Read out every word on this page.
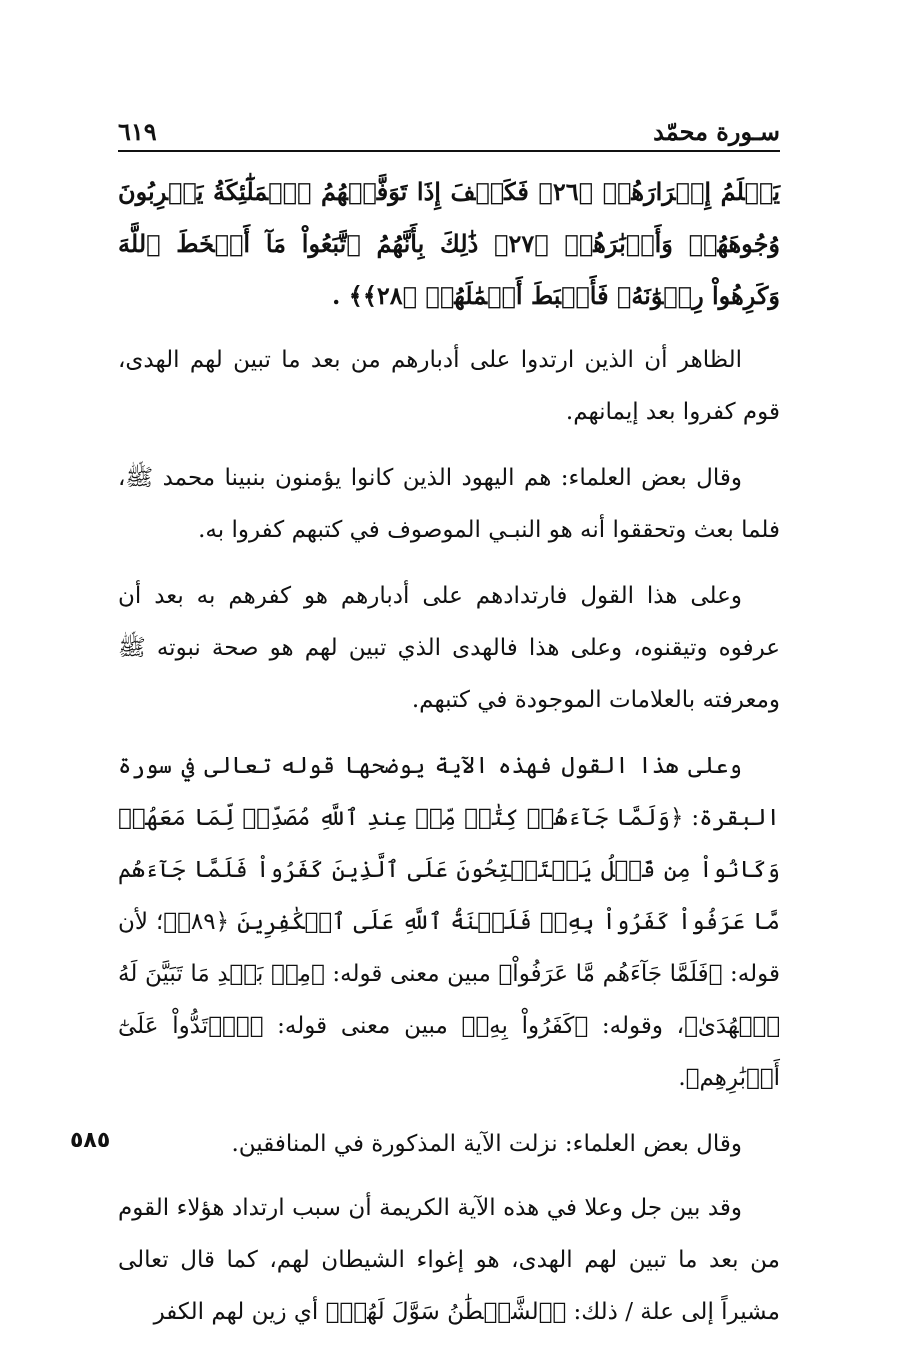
سـورة محمّد
٦١٩
يَعۡلَمُ إِسۡرَارَهُمۡ ﴿٢٦﴾ فَكَيۡفَ إِذَا تَوَفَّتۡهُمُ ٱلۡمَلَٰٓئِكَةُ يَضۡرِبُونَ وُجُوهَهُمۡ وَأَدۡبَٰرَهُمۡ ﴿٢٧﴾ ذَٰلِكَ بِأَنَّهُمُ ٱتَّبَعُواْ مَآ أَسۡخَطَ ٱللَّهَ وَكَرِهُواْ رِضۡوَٰنَهُۥ فَأَحۡبَطَ أَعۡمَٰلَهُمۡ ﴿٢٨﴾﴾ .

الظاهر أن الذين ارتدوا على أدبارهم من بعد ما تبين لهم الهدى، قوم كفروا بعد إيمانهم.

وقال بعض العلماء: هم اليهود الذين كانوا يؤمنون بنبينا محمد ﷺ، فلما بعث وتحققوا أنه هو النبـي الموصوف في كتبهم كفروا به.

وعلى هذا القول فارتدادهم على أدبارهم هو كفرهم به بعد أن عرفوه وتيقنوه، وعلى هذا فالهدى الذي تبين لهم هو صحة نبوته ﷺ ومعرفته بالعلامات الموجودة في كتبهم.

وعلى هذا القول فهذه الآية يوضحها قوله تعالى في سورة البقرة: ﴿وَلَمَّا جَآءَهُمۡ كِتَٰبٞ مِّنۡ عِندِ ٱللَّهِ مُصَدِّقٞ لِّمَا مَعَهُمۡ وَكَانُواْ مِن قَبۡلُ يَسۡتَفۡتِحُونَ عَلَى ٱلَّذِينَ كَفَرُواْ فَلَمَّا جَآءَهُم مَّا عَرَفُواْ كَفَرُواْ بِهِۦۚ فَلَعۡنَةُ ٱللَّهِ عَلَى ٱلۡكَٰفِرِينَ ﴿٨٩﴾﴾؛ لأن قوله: ﴿فَلَمَّا جَآءَهُم مَّا عَرَفُواْ﴾ مبين معنى قوله: ﴿مِنۢ بَعۡدِ مَا تَبَيَّنَ لَهُ ٱلۡهُدَىٰ﴾، وقوله: ﴿كَفَرُواْ بِهِۦ﴾ مبين معنى قوله: ﴿ٱرۡتَدُّواْ عَلَىٰٓ أَدۡبَٰرِهِم﴾.

وقال بعض العلماء: نزلت الآية المذكورة في المنافقين.

وقد بين جل وعلا في هذه الآية الكريمة أن سبب ارتداد هؤلاء القوم من بعد ما تبين لهم الهدى، هو إغواء الشيطان لهم، كما قال تعالى مشيراً إلى علة / ذلك: ﴿ٱلشَّيۡطَٰنُ سَوَّلَ لَهُمۡ﴾ أي زين لهم الكفر

٥٨٥
